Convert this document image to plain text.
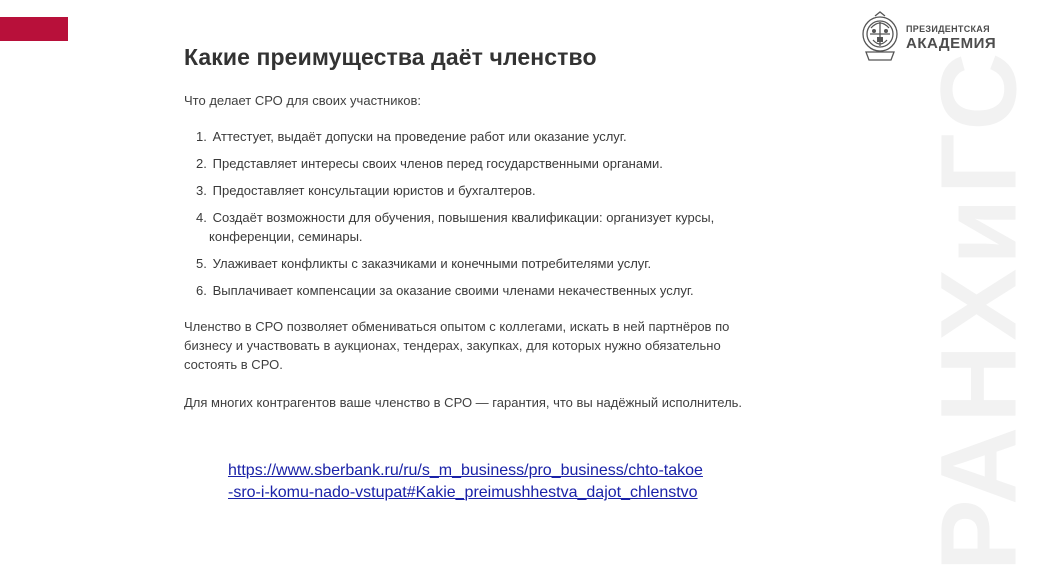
ПРЕЗИДЕНТСКАЯ
АКАДЕМИЯ
РАНХиГС
Какие преимущества даёт членство

Что делает СРО для своих участников:

1. Аттестует, выдаёт допуски на проведение работ или оказание услуг.
2. Представляет интересы своих членов перед государственными органами.
3. Предоставляет консультации юристов и бухгалтеров.
4. Создаёт возможности для обучения, повышения квалификации: организует курсы, конференции, семинары.
5. Улаживает конфликты с заказчиками и конечными потребителями услуг.
6. Выплачивает компенсации за оказание своими членами некачественных услуг.

Членство в СРО позволяет обмениваться опытом с коллегами, искать в ней партнёров по бизнесу и участвовать в аукционах, тендерах, закупках, для которых нужно обязательно состоять в СРО.

Для многих контрагентов ваше членство в СРО — гарантия, что вы надёжный исполнитель.

https://www.sberbank.ru/ru/s_m_business/pro_business/chto-takoe-sro-i-komu-nado-vstupat#Kakie_preimushhestva_dajot_chlenstvo
